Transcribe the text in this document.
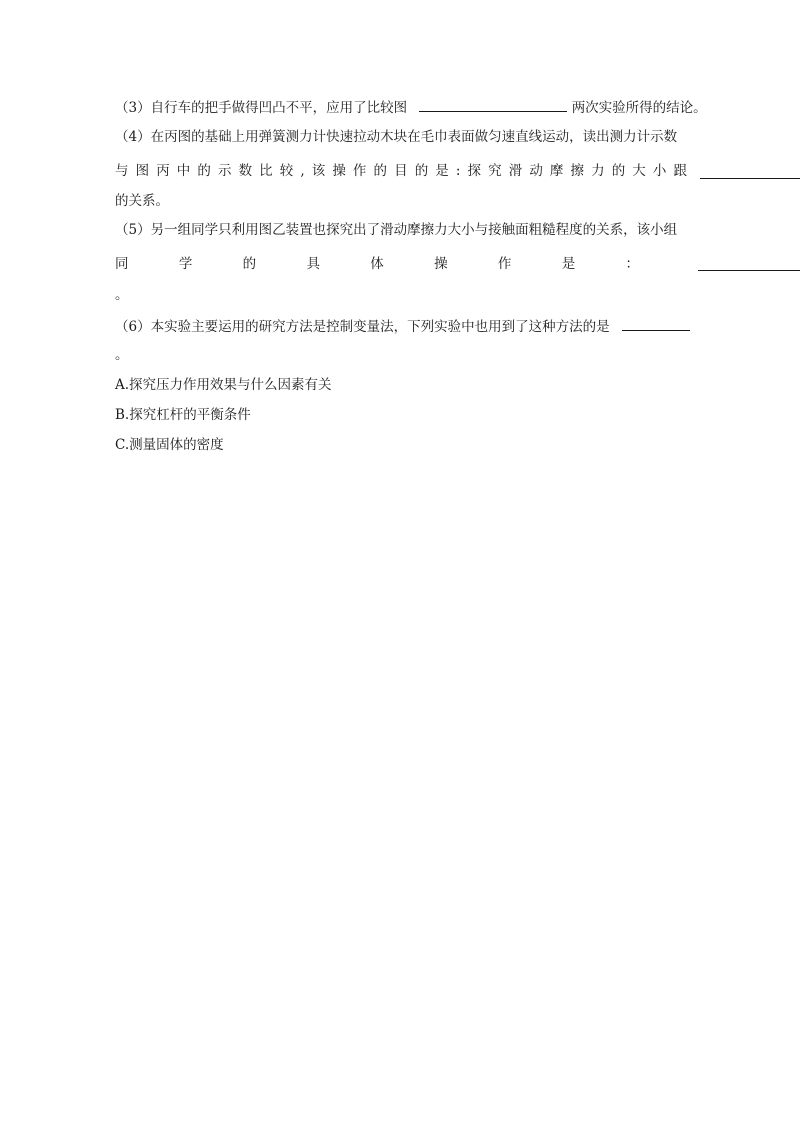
（3）自行车的把手做得凹凸不平，应用了比较图	两次实验所得的结论。
（4）在丙图的基础上用弹簧测力计快速拉动木块在毛巾表面做匀速直线运动，读出测力计示数
与 图 丙 中 的 示 数 比 较 , 该 操 作 的 目 的 是 : 探 究 滑 动 摩 擦 力 的 大 小 跟
的关系。
（5）另一组同学只利用图乙装置也探究出了滑动摩擦力大小与接触面粗糙程度的关系，该小组
同	学	的	具	体	操	作	是	：
。
（6）本实验主要运用的研究方法是控制变量法，下列实验中也用到了这种方法的是
。
A.探究压力作用效果与什么因素有关
B.探究杠杆的平衡条件
C.测量固体的密度
